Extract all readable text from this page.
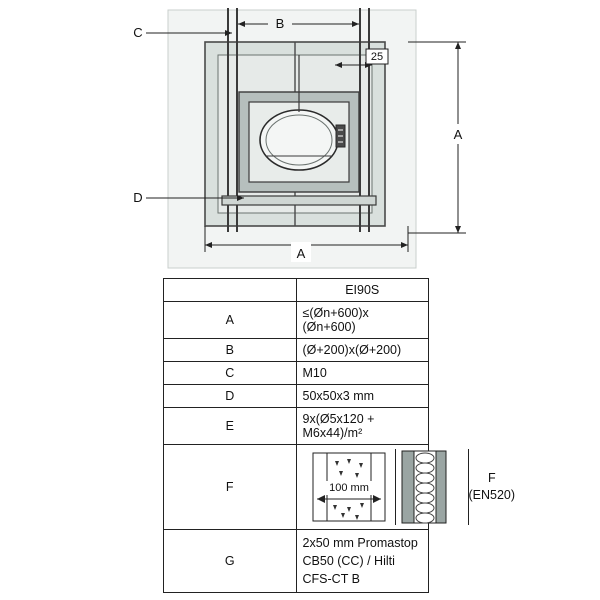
B
C
D
25
A
A
	EI90S
A	≤(Øn+600)x (Øn+600)
B	(Ø+200)x(Ø+200)
C	M10
D	50x50x3 mm
E	9x(Ø5x120 + M6x44)/m²
F	100 mm
F
(EN520)

G	2x50 mm Promastop CB50 (CC) / Hilti CFS-CT B
